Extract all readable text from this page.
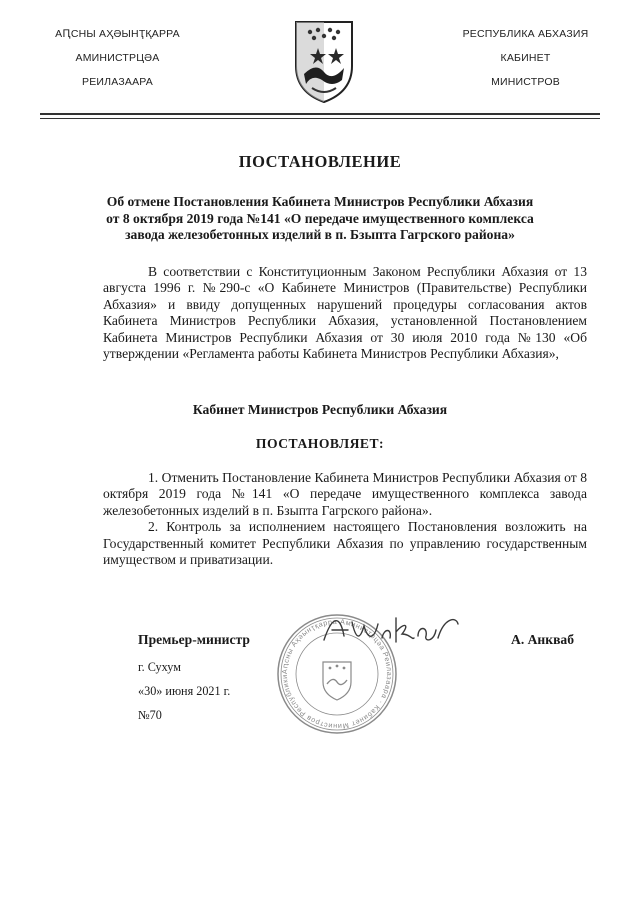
АԤСНЫ АҲӘЫНҬҚАРРА
АМИНИСТРЦӘА
РЕИЛАЗААРА
РЕСПУБЛИКА АБХАЗИЯ
КАБИНЕТ
МИНИСТРОВ
ПОСТАНОВЛЕНИЕ
Об отмене Постановления Кабинета Министров Республики Абхазия
от 8 октября 2019 года №141 «О передаче имущественного комплекса
завода железобетонных изделий в п. Бзыпта Гагрского района»

В соответствии с Конституционным Законом Республики Абхазия от 13 августа 1996 г. №290-с «О Кабинете Министров (Правительстве) Республики Абхазия» и ввиду допущенных нарушений процедуры согласования актов Кабинета Министров Республики Абхазия, установленной Постановлением Кабинета Министров Республики Абхазия от 30 июля 2010 года №130 «Об утверждении «Регламента работы Кабинета Министров Республики Абхазия»,

Кабинет Министров Республики Абхазия
ПОСТАНОВЛЯЕТ:

1. Отменить Постановление Кабинета Министров Республики Абхазия от 8 октября 2019 года №141 «О передаче имущественного комплекса завода железобетонных изделий в п. Бзыпта Гагрского района».

2. Контроль за исполнением настоящего Постановления возложить на Государственный комитет Республики Абхазия по управлению государственным имуществом и приватизации.

Аԥсны Аҳәынҭқарра Аминистрцәа Реилазаара · Кабинет Министров Республики
Премьер-министр	А. Анкваб
г. Сухум
«30» июня 2021 г.
№70
